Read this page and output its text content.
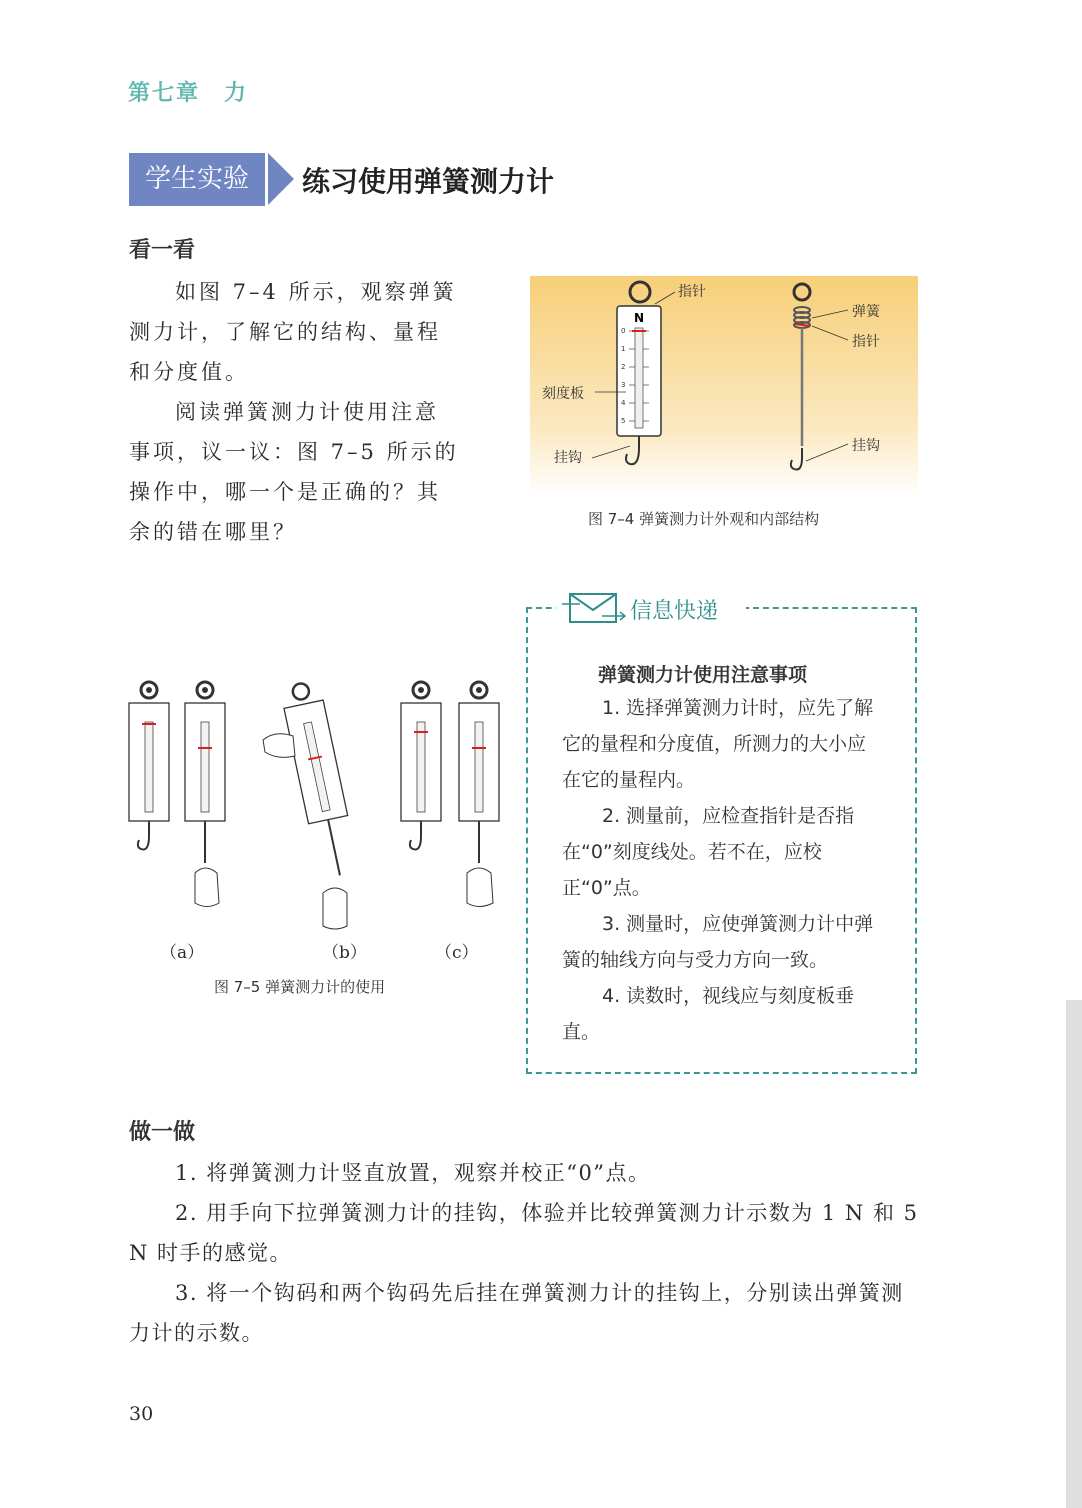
第七章　力
学生实验	练习使用弹簧测力计
看一看

如图 7–4 所示，观察弹簧测力计，了解它的结构、量程和分度值。

阅读弹簧测力计使用注意事项，议一议：图 7–5 所示的操作中，哪一个是正确的？其余的错在哪里？

N
0
1
2
3
4
5
指针
刻度板
挂钩
弹簧
指针
挂钩
图 7–4 弹簧测力计外观和内部结构
（a）	（b）	（c）
图 7–5 弹簧测力计的使用
信息快递
弹簧测力计使用注意事项

1. 选择弹簧测力计时，应先了解它的量程和分度值，所测力的大小应在它的量程内。

2. 测量前，应检查指针是否指在“0”刻度线处。若不在，应校正“0”点。

3. 测量时，应使弹簧测力计中弹簧的轴线方向与受力方向一致。

4. 读数时，视线应与刻度板垂直。

做一做

1. 将弹簧测力计竖直放置，观察并校正“0”点。

2. 用手向下拉弹簧测力计的挂钩，体验并比较弹簧测力计示数为 1 N 和 5 N 时手的感觉。

3. 将一个钩码和两个钩码先后挂在弹簧测力计的挂钩上，分别读出弹簧测力计的示数。

30
